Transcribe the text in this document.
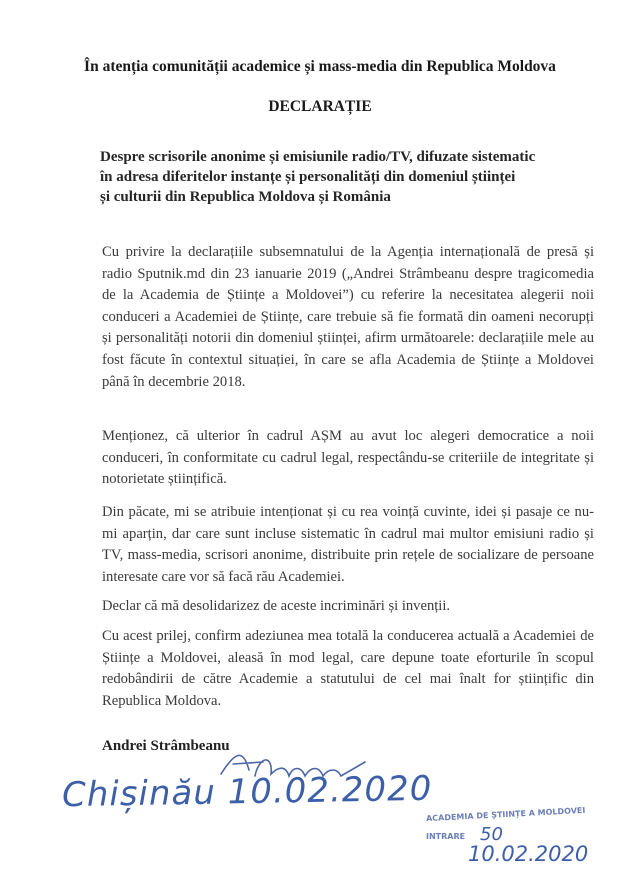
În atenția comunității academice și mass-media din Republica Moldova
DECLARAȚIE
Despre scrisorile anonime și emisiunile radio/TV, difuzate sistematic
în adresa diferitelor instanțe și personalități din domeniul științei
și culturii din Republica Moldova și România

Cu privire la declarațiile subsemnatului de la Agenția internațională de presă și radio Sputnik.md din 23 ianuarie 2019 („Andrei Strâmbeanu despre tragicomedia de la Academia de Științe a Moldovei”) cu referire la necesitatea alegerii noii conduceri a Academiei de Științe, care trebuie să fie formată din oameni necorupți și personalități notorii din domeniul științei, afirm următoarele: declarațiile mele au fost făcute în contextul situației, în care se afla Academia de Științe a Moldovei până în decembrie 2018.

Menționez, că ulterior în cadrul AȘM au avut loc alegeri democratice a noii conduceri, în conformitate cu cadrul legal, respectându-se criteriile de integritate și notorietate științifică.

Din păcate, mi se atribuie intenționat și cu rea voință cuvinte, idei și pasaje ce nu-mi aparțin, dar care sunt incluse sistematic în cadrul mai multor emisiuni radio și TV, mass-media, scrisori anonime, distribuite prin rețele de socializare de persoane interesate care vor să facă rău Academiei.

Declar că mă desolidarizez de aceste incriminări și invenții.

Cu acest prilej, confirm adeziunea mea totală la conducerea actuală a Academiei de Științe a Moldovei, aleasă în mod legal, care depune toate eforturile în scopul redobândirii de către Academie a statutului de cel mai înalt for științific din Republica Moldova.

Andrei Strâmbeanu
Chișinău 10.02.2020
ACADEMIA DE ȘTIINȚE A MOLDOVEI
INTRARE 50
10.02.2020
